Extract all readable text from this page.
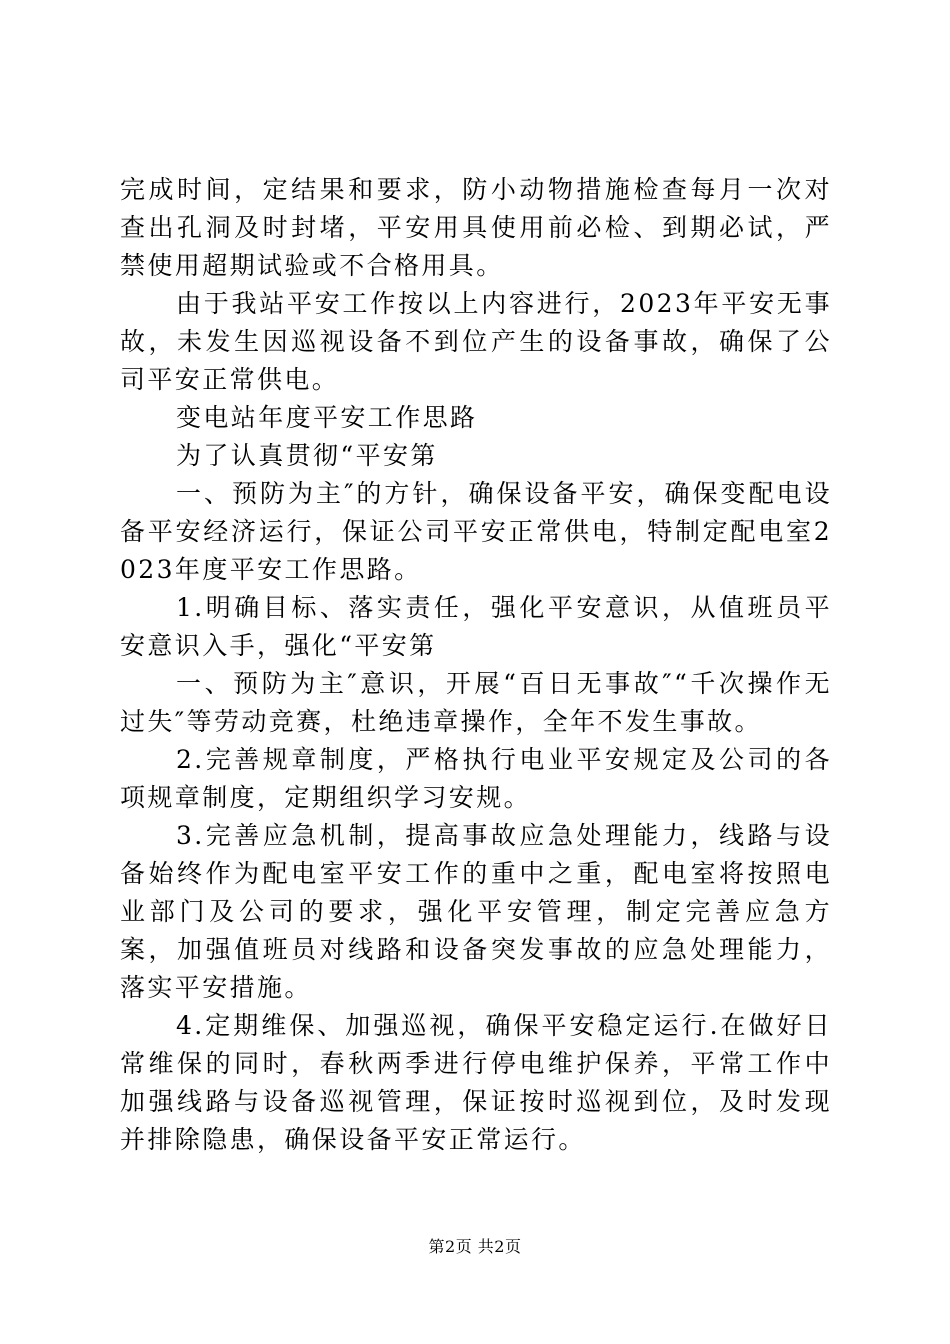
完成时间，定结果和要求，防小动物措施检查每月一次对查出孔洞及时封堵，平安用具使用前必检、到期必试，严禁使用超期试验或不合格用具。

由于我站平安工作按以上内容进行，2023年平安无事故，未发生因巡视设备不到位产生的设备事故，确保了公司平安正常供电。

变电站年度平安工作思路

为了认真贯彻“平安第

一、预防为主″的方针，确保设备平安，确保变配电设备平安经济运行，保证公司平安正常供电，特制定配电室2023年度平安工作思路。

1.明确目标、落实责任，强化平安意识，从值班员平安意识入手，强化“平安第

一、预防为主″意识，开展“百日无事故″“千次操作无过失″等劳动竞赛，杜绝违章操作，全年不发生事故。

2.完善规章制度，严格执行电业平安规定及公司的各项规章制度，定期组织学习安规。

3.完善应急机制，提高事故应急处理能力，线路与设备始终作为配电室平安工作的重中之重，配电室将按照电业部门及公司的要求，强化平安管理，制定完善应急方案，加强值班员对线路和设备突发事故的应急处理能力，落实平安措施。

4.定期维保、加强巡视，确保平安稳定运行.在做好日常维保的同时，春秋两季进行停电维护保养，平常工作中加强线路与设备巡视管理，保证按时巡视到位，及时发现并排除隐患，确保设备平安正常运行。

第2页 共2页
